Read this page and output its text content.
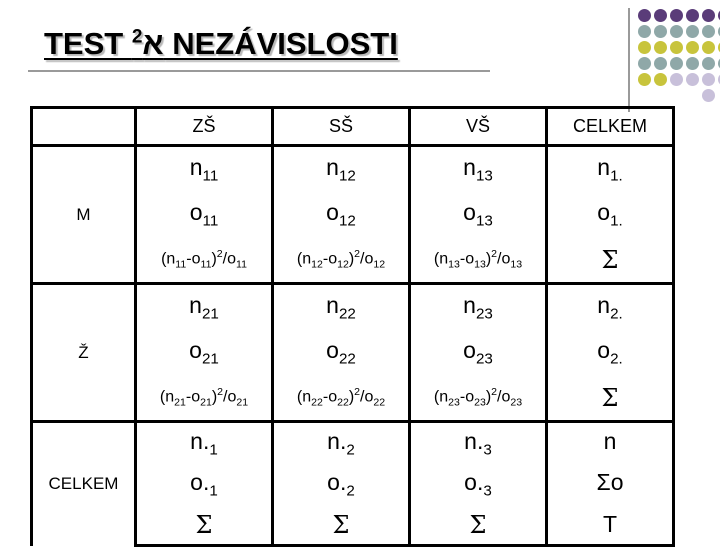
TEST א$^2$ NEZÁVISLOSTI
	ZŠ	SŠ	VŠ	CELKEM
M	$n_{11}$	$n_{12}$	$n_{13}$	$n_{1.}$
	$o_{11}$	$o_{12}$	$o_{13}$	$o_{1.}$
	$(n_{11}-o_{11})^2/o_{11}$	$(n_{12}-o_{12})^2/o_{12}$	$(n_{13}-o_{13})^2/o_{13}$	Σ
Ž	$n_{21}$	$n_{22}$	$n_{23}$	$n_{2.}$
	$o_{21}$	$o_{22}$	$o_{23}$	$o_{2.}$
	$(n_{21}-o_{21})^2/o_{21}$	$(n_{22}-o_{22})^2/o_{22}$	$(n_{23}-o_{23})^2/o_{23}$	Σ
CELKEM	$n._1$	$n._2$	$n._3$	n
	$o._1$	$o._2$	$o._3$	Σo
	Σ	Σ	Σ	T
